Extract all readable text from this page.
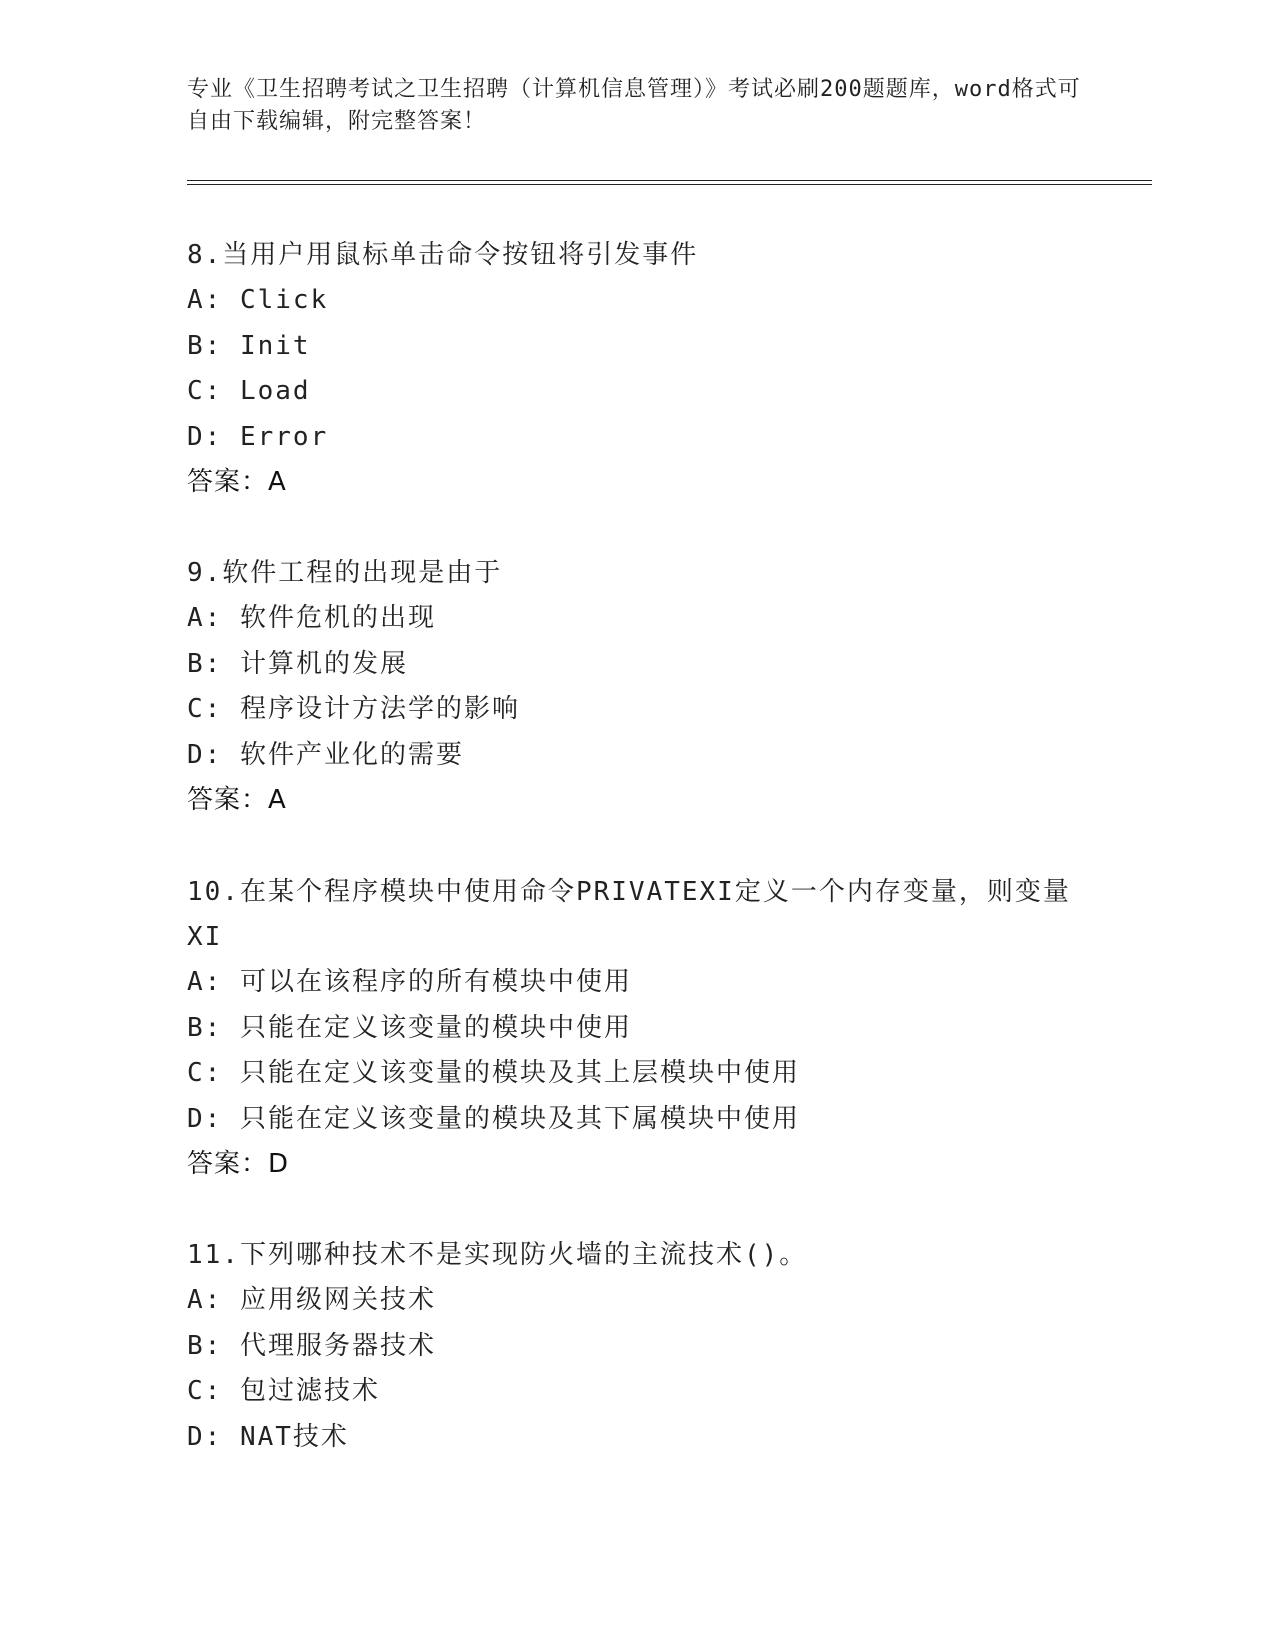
专业《卫生招聘考试之卫生招聘（计算机信息管理）》考试必刷200题题库，word格式可自由下载编辑，附完整答案！

8.当用户用鼠标单击命令按钮将引发事件

A: Click
B: Init
C: Load
D: Error
答案：A

9.软件工程的出现是由于

A: 软件危机的出现
B: 计算机的发展
C: 程序设计方法学的影响
D: 软件产业化的需要
答案：A

10.在某个程序模块中使用命令PRIVATEXI定义一个内存变量，则变量XI

A: 可以在该程序的所有模块中使用
B: 只能在定义该变量的模块中使用
C: 只能在定义该变量的模块及其上层模块中使用
D: 只能在定义该变量的模块及其下属模块中使用
答案：D

11.下列哪种技术不是实现防火墙的主流技术()。

A: 应用级网关技术
B: 代理服务器技术
C: 包过滤技术
D: NAT技术
